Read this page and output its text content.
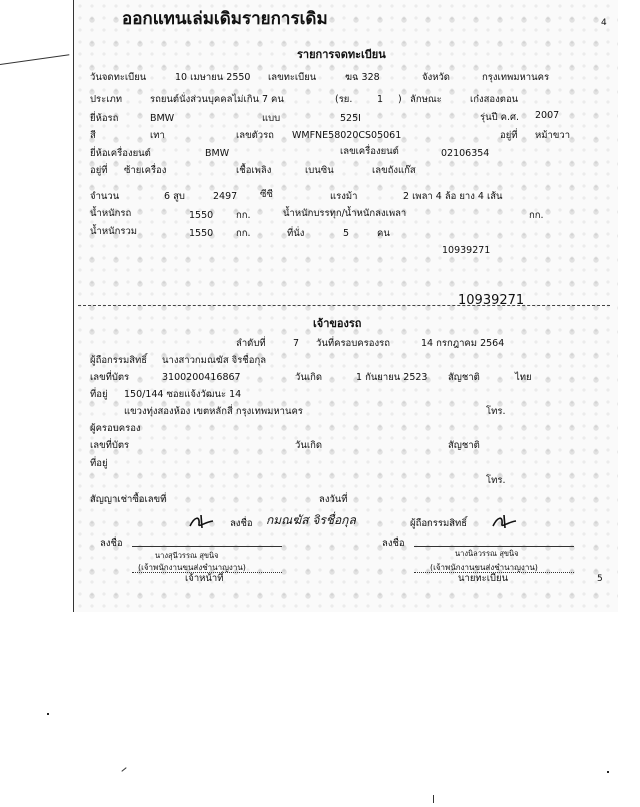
ออกแทนเล่มเดิมรายการเดิม	4
รายการจดทะเบียน
วันจดทะเบียน	10 เมษายน 2550 เลขทะเบียน	ฆฉ 328	จังหวัด	กรุงเทพมหานคร
ประเภท	รถยนต์นั่งส่วนบุคคลไม่เกิน 7 คน	(รย.	1 ) ลักษณะ	เก๋งสองตอน
ยี่ห้อรถ	BMW	แบบ	525I	รุ่นปี ค.ศ. 2007
สี	เทา	เลขตัวรถ WMFNE58020CS05061	อยู่ที่ หม้าขวา
ยี่ห้อเครื่องยนต์	BMW	เลขเครื่องยนต์	02106354
อยู่ที่ ซ้ายเครื่อง	เชื้อเพลิง	เบนซิน	เลขถังแก๊ส
จำนวน	6 สูบ	2497 ซีซี	แรงม้า	2 เพลา 4 ล้อ ยาง 4 เส้น
น้ำหนักรถ	1550 กก.	น้ำหนักบรรทุก/น้ำหนักลงเพลา	กก.
น้ำหนักรวม	1550 กก.	ที่นั่ง	5	คน
10939271
10939271
เจ้าของรถ
ลำดับที่	7 วันที่ครอบครองรถ	14 กรกฎาคม 2564
ผู้ถือกรรมสิทธิ์ นางสาวกมณฆัส จิรชื่อกุล
เลขที่บัตร	3100200416867	วันเกิด	1 กันยายน 2523 สัญชาติ	ไทย
ที่อยู่ 150/144 ซอยแจ้งวัฒนะ 14
แขวงทุ่งสองห้อง เขตหลักสี่ กรุงเทพมหานคร	โทร.
ผู้ครอบครอง
เลขที่บัตร	วันเกิด	สัญชาติ
ที่อยู่
โทร.
สัญญาเช่าซื้อเลขที่	ลงวันที่
ลงชื่อ กมณฆัส จิรชื่อกุล	ผู้ถือกรรมสิทธิ์
ลงชื่อ
นางสุนีวรรณ สุขนิจ
(เจ้าพนักงานขนส่งชำนาญงาน)
เจ้าหน้าที่
ลงชื่อ
นางนิลวรรณ สุขนิจ
(เจ้าพนักงานขนส่งชำนาญงาน)
นายทะเบียน	5
